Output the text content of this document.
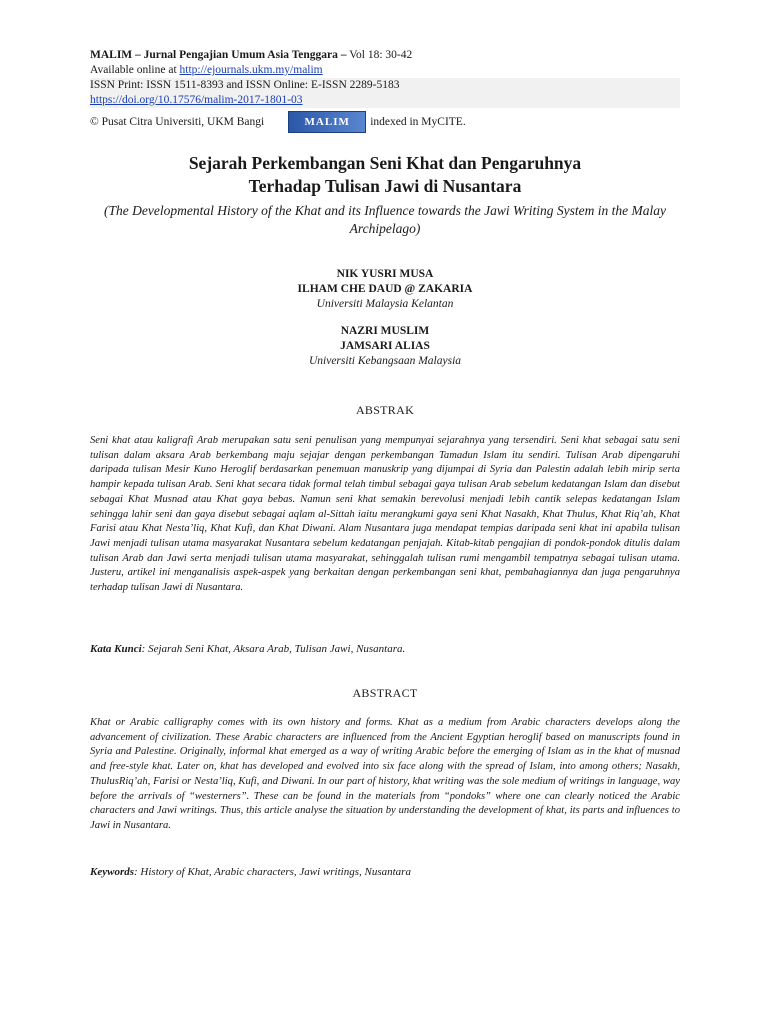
MALIM – Jurnal Pengajian Umum Asia Tenggara – Vol 18: 30-42
Available online at http://ejournals.ukm.my/malim
ISSN Print: ISSN 1511-8393 and ISSN Online: E-ISSN 2289-5183
https://doi.org/10.17576/malim-2017-1801-03
© Pusat Citra Universiti, UKM Bangi	MALIM	indexed in MyCITE.
Sejarah Perkembangan Seni Khat dan Pengaruhnya
Terhadap Tulisan Jawi di Nusantara
(The Developmental History of the Khat and its Influence towards the Jawi Writing System in the Malay Archipelago)
NIK YUSRI MUSA
ILHAM CHE DAUD @ ZAKARIA
Universiti Malaysia Kelantan
NAZRI MUSLIM
JAMSARI ALIAS
Universiti Kebangsaan Malaysia
ABSTRAK
Seni khat atau kaligrafi Arab merupakan satu seni penulisan yang mempunyai sejarahnya yang tersendiri. Seni khat sebagai satu seni tulisan dalam aksara Arab berkembang maju sejajar dengan perkembangan Tamadun Islam itu sendiri. Tulisan Arab dipengaruhi daripada tulisan Mesir Kuno Heroglif berdasarkan penemuan manuskrip yang dijumpai di Syria dan Palestin adalah lebih mirip serta hampir kepada tulisan Arab. Seni khat secara tidak formal telah timbul sebagai gaya tulisan Arab sebelum kedatangan Islam dan disebut sebagai Khat Musnad atau Khat gaya bebas. Namun seni khat semakin berevolusi menjadi lebih cantik selepas kedatangan Islam sehingga lahir seni dan gaya disebut sebagai aqlam al-Sittah iaitu merangkumi gaya seni Khat Nasakh, Khat Thulus, Khat Riq’ah, Khat Farisi atau Khat Nesta’liq, Khat Kufi, dan Khat Diwani. Alam Nusantara juga mendapat tempias daripada seni khat ini apabila tulisan Jawi menjadi tulisan utama masyarakat Nusantara sebelum kedatangan penjajah. Kitab-kitab pengajian di pondok-pondok ditulis dalam tulisan Arab dan Jawi serta menjadi tulisan utama masyarakat, sehinggalah tulisan rumi mengambil tempatnya sebagai tulisan utama. Justeru, artikel ini menganalisis aspek-aspek yang berkaitan dengan perkembangan seni khat, pembahagiannya dan juga pengaruhnya terhadap tulisan Jawi di Nusantara.
Kata Kunci: Sejarah Seni Khat, Aksara Arab, Tulisan Jawi, Nusantara.
ABSTRACT
Khat or Arabic calligraphy comes with its own history and forms. Khat as a medium from Arabic characters develops along the advancement of civilization. These Arabic characters are influenced from the Ancient Egyptian heroglif based on manuscripts found in Syria and Palestine. Originally, informal khat emerged as a way of writing Arabic before the emerging of Islam as in the khat of musnad and free-style khat. Later on, khat has developed and evolved into six face along with the spread of Islam, into among others; Nasakh, ThulusRiq’ah, Farisi or Nesta’liq, Kufi, and Diwani. In our part of history, khat writing was the sole medium of writings in language, way before the arrivals of “westerners”. These can be found in the materials from “pondoks” where one can clearly noticed the Arabic characters and Jawi writings. Thus, this article analyse the situation by understanding the development of khat, its parts and influences to Jawi in Nusantara.
Keywords: History of Khat, Arabic characters, Jawi writings, Nusantara
